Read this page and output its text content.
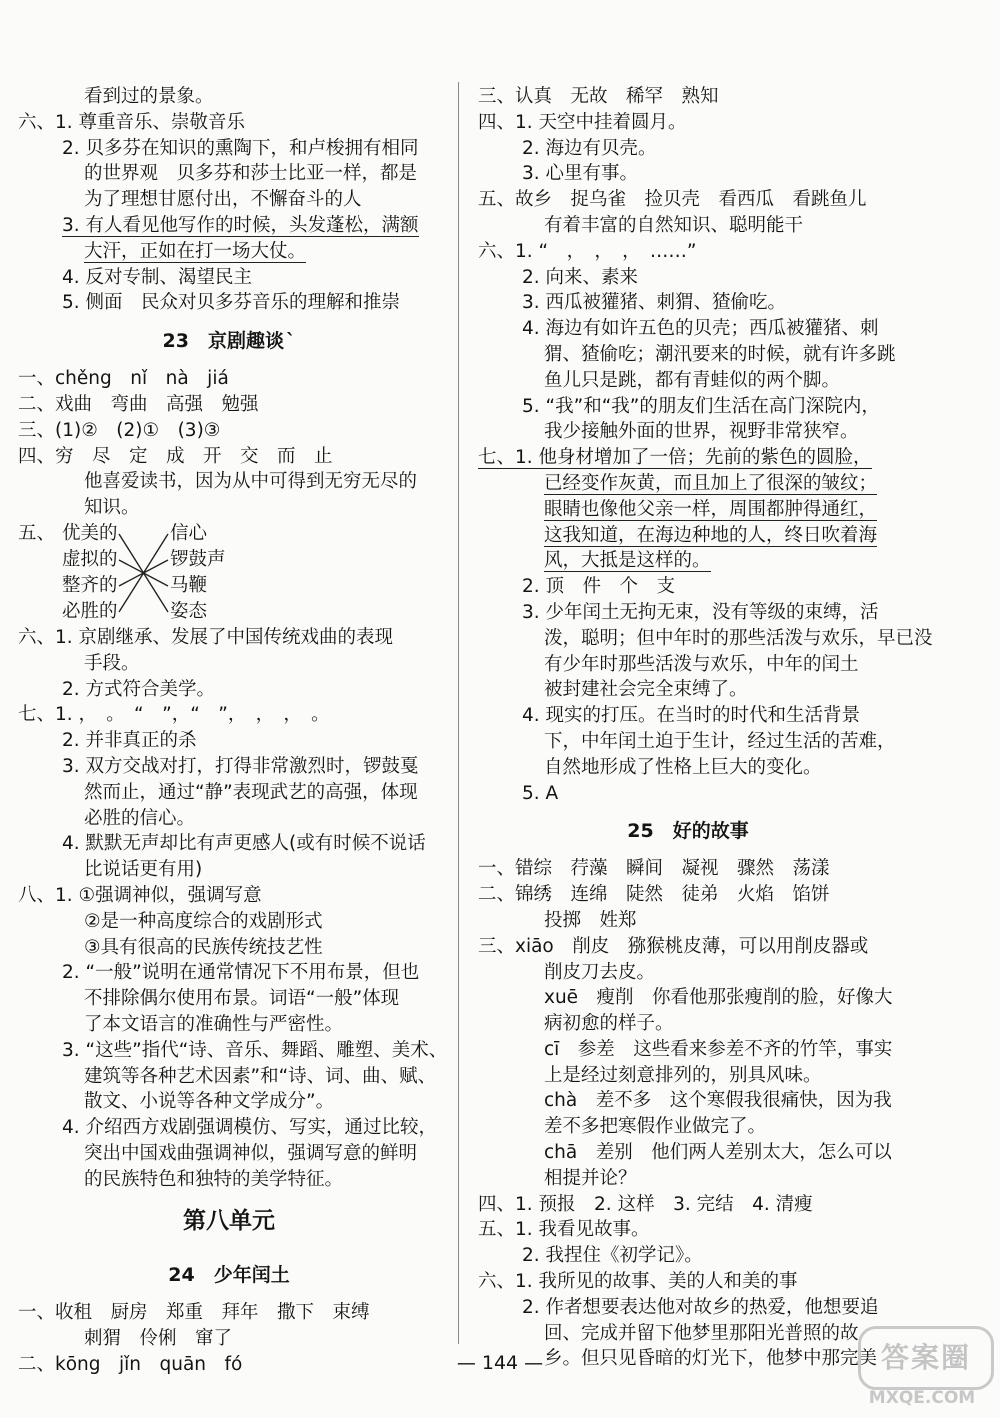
看到过的景象。
六、1. 尊重音乐、崇敬音乐
2. 贝多芬在知识的熏陶下，和卢梭拥有相同
的世界观　贝多芬和莎士比亚一样，都是
为了理想甘愿付出，不懈奋斗的人
3. 有人看见他写作的时候，头发蓬松，满额
大汗，正如在打一场大仗。
4. 反对专制、渴望民主
5. 侧面　民众对贝多芬音乐的理解和推崇
23　京剧趣谈 `
一、chěng　nǐ　nà　jiá
二、戏曲　弯曲　高强　勉强
三、(1)②　(2)①　(3)③
四、穷　尽　定　成　开　交　而　止
他喜爱读书，因为从中可得到无穷无尽的
知识。
五、 优美的
虚拟的
整齐的
必胜的
信心
锣鼓声
马鞭
姿态
六、1. 京剧继承、发展了中国传统戏曲的表现
手段。
2. 方式符合美学。
七、1. ，　。　“　”，“　”，　，　，　。
2. 并非真正的杀
3. 双方交战对打，打得非常激烈时，锣鼓戛
然而止，通过“静”表现武艺的高强，体现
必胜的信心。
4. 默默无声却比有声更感人(或有时候不说话
比说话更有用)
八、1. ①强调神似，强调写意
②是一种高度综合的戏剧形式
③具有很高的民族传统技艺性
2. “一般”说明在通常情况下不用布景，但也
不排除偶尔使用布景。词语“一般”体现
了本文语言的准确性与严密性。
3. “这些”指代“诗、音乐、舞蹈、雕塑、美术、
建筑等各种艺术因素”和“诗、词、曲、赋、
散文、小说等各种文学成分”。
4. 介绍西方戏剧强调模仿、写实，通过比较，
突出中国戏曲强调神似，强调写意的鲜明
的民族特色和独特的美学特征。
第八单元
24　少年闰土
一、收租　厨房　郑重　拜年　撒下　束缚
刺猬　伶俐　窜了
二、kōng　jǐn　quān　fó
三、认真　无故　稀罕　熟知
四、1. 天空中挂着圆月。
2. 海边有贝壳。
3. 心里有事。
五、故乡　捉乌雀　捡贝壳　看西瓜　看跳鱼儿
有着丰富的自然知识、聪明能干
六、1. “　，　，　，　……”
2. 向来、素来
3. 西瓜被獾猪、刺猬、猹偷吃。
4. 海边有如许五色的贝壳；西瓜被獾猪、刺
猬、猹偷吃；潮汛要来的时候，就有许多跳
鱼儿只是跳，都有青蛙似的两个脚。
5. “我”和“我”的朋友们生活在高门深院内，
我少接触外面的世界，视野非常狭窄。
七、1. 他身材增加了一倍；先前的紫色的圆脸，
已经变作灰黄，而且加上了很深的皱纹；
眼睛也像他父亲一样，周围都肿得通红，
这我知道，在海边种地的人，终日吹着海
风，大抵是这样的。
2. 顶　件　个　支
3. 少年闰土无拘无束，没有等级的束缚，活
泼，聪明；但中年时的那些活泼与欢乐，早已没
有少年时那些活泼与欢乐，中年的闰土
被封建社会完全束缚了。
4. 现实的打压。在当时的时代和生活背景
下，中年闰土迫于生计，经过生活的苦难，
自然地形成了性格上巨大的变化。
5. A
25　好的故事
一、错综　荇藻　瞬间　凝视　骤然　荡漾
二、锦绣　连绵　陡然　徒弟　火焰　馅饼
投掷　姓郑
三、xiāo　削皮　猕猴桃皮薄，可以用削皮器或
削皮刀去皮。
xuē　瘦削　你看他那张瘦削的脸，好像大
病初愈的样子。
cī　参差　这些看来参差不齐的竹竿，事实
上是经过刻意排列的，别具风味。
chà　差不多　这个寒假我很痛快，因为我
差不多把寒假作业做完了。
chā　差别　他们两人差别太大，怎么可以
相提并论？
四、1. 预报　2. 这样　3. 完结　4. 清瘦
五、1. 我看见故事。
2. 我捏住《初学记》。
六、1. 我所见的故事、美的人和美的事
2. 作者想要表达他对故乡的热爱，他想要追
回、完成并留下他梦里那阳光普照的故
乡。但只见昏暗的灯光下，他梦中那完美
— 144 —	答案圈
MXQE.COM
